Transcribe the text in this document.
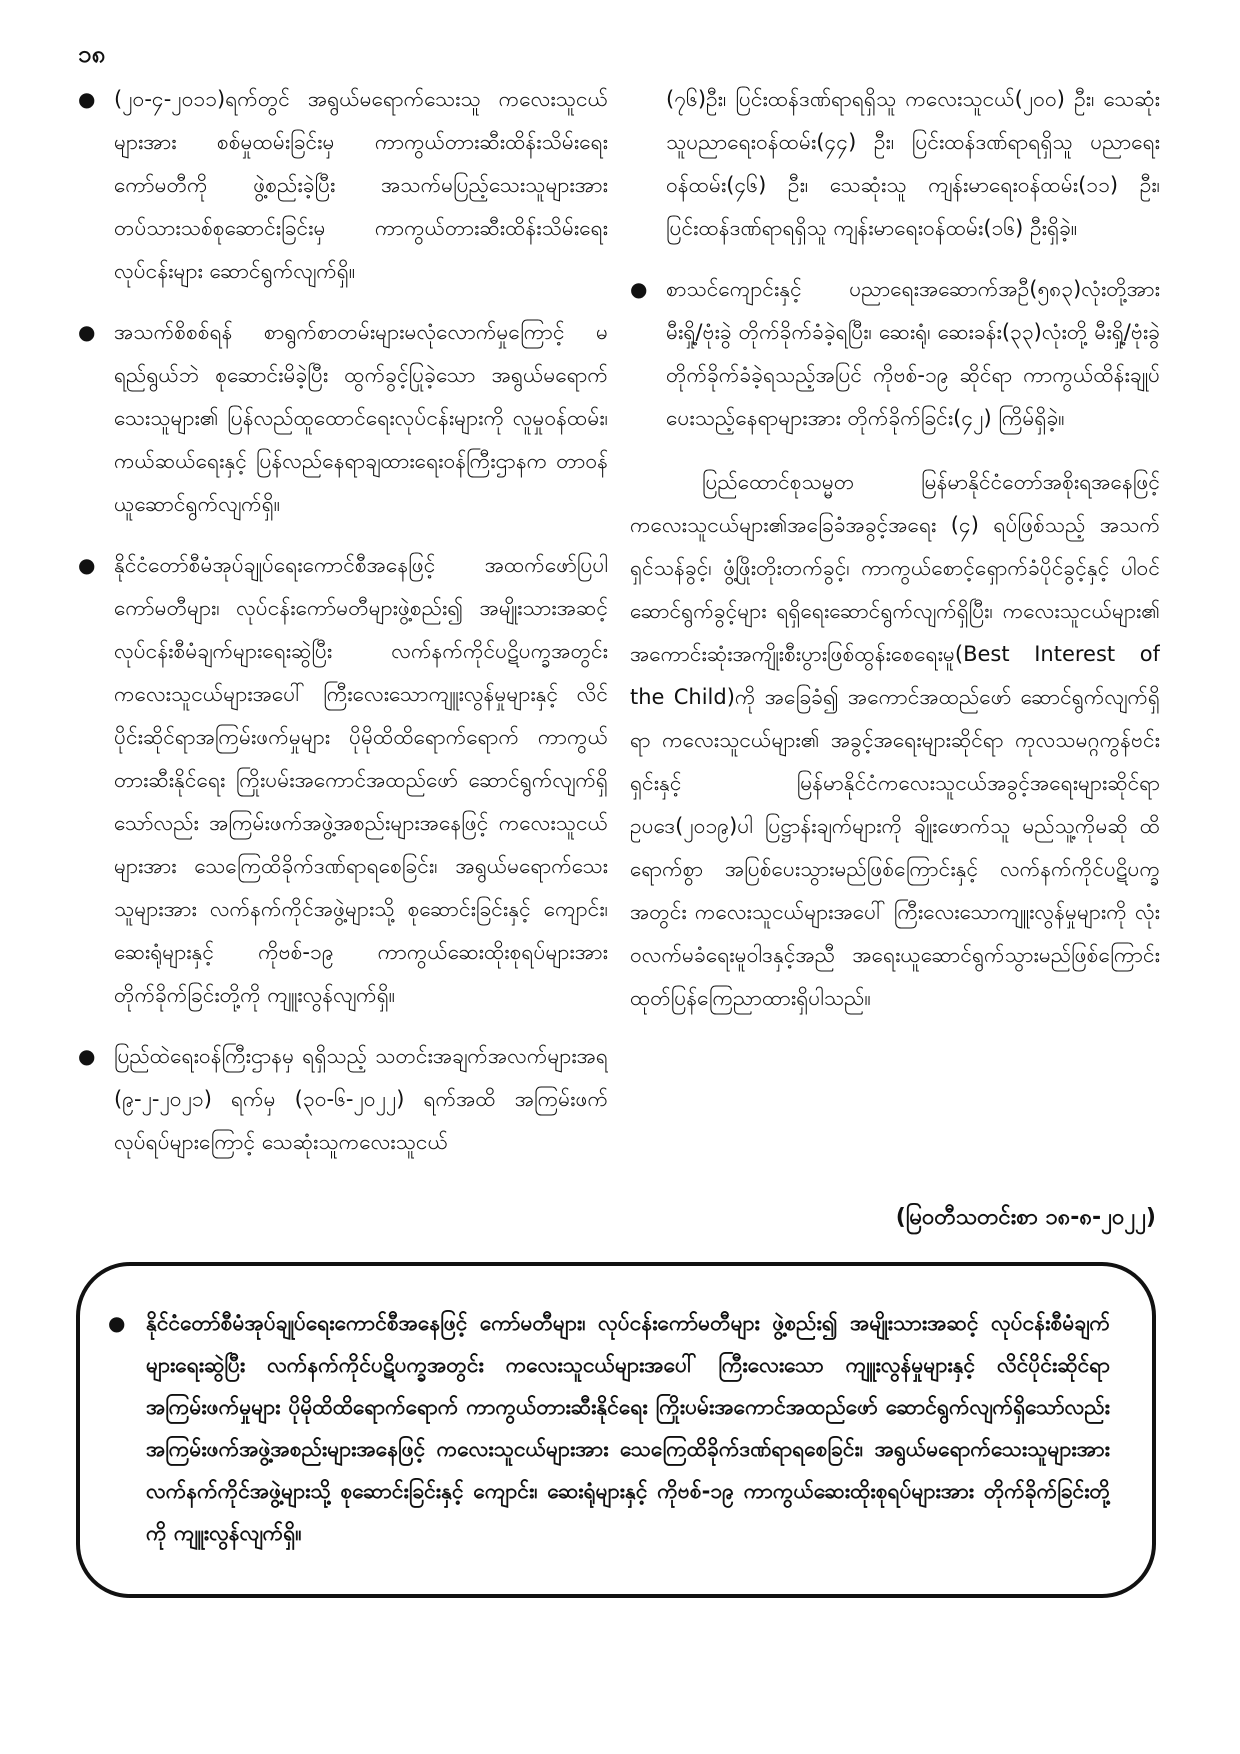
၁၈
● (၂၀-၄-၂၀၁၁)ရက်တွင် အရွယ်မရောက်သေးသူ ကလေးသူငယ်များအား စစ်မှုထမ်းခြင်းမှ ကာကွယ်တားဆီးထိန်းသိမ်းရေးကော်မတီကို ဖွဲ့စည်းခဲ့ပြီး အသက်မပြည့်သေးသူများအား တပ်သားသစ်စုဆောင်းခြင်းမှ ကာကွယ်တားဆီးထိန်းသိမ်းရေးလုပ်ငန်းများ ဆောင်ရွက်လျက်ရှိ။
● အသက်စိစစ်ရန် စာရွက်စာတမ်းများမလုံလောက်မှုကြောင့် မရည်ရွယ်ဘဲ စုဆောင်းမိခဲ့ပြီး ထွက်ခွင့်ပြုခဲ့သော အရွယ်မရောက်သေးသူများ၏ ပြန်လည်ထူထောင်ရေးလုပ်ငန်းများကို လူမှုဝန်ထမ်း၊ ကယ်ဆယ်ရေးနှင့် ပြန်လည်နေရာချထားရေးဝန်ကြီးဌာနက တာဝန်ယူဆောင်ရွက်လျက်ရှိ။
● နိုင်ငံတော်စီမံအုပ်ချုပ်ရေးကောင်စီအနေဖြင့် အထက်ဖော်ပြပါ ကော်မတီများ၊ လုပ်ငန်းကော်မတီများဖွဲ့စည်း၍ အမျိုးသားအဆင့်လုပ်ငန်းစီမံချက်များရေးဆွဲပြီး လက်နက်ကိုင်ပဋိပက္ခအတွင်း ကလေးသူငယ်များအပေါ် ကြီးလေးသောကျူးလွန်မှုများနှင့် လိင်ပိုင်းဆိုင်ရာအကြမ်းဖက်မှုများ ပိုမိုထိထိရောက်ရောက် ကာကွယ်တားဆီးနိုင်ရေး ကြိုးပမ်းအကောင်အထည်ဖော် ဆောင်ရွက်လျက်ရှိသော်လည်း အကြမ်းဖက်အဖွဲ့အစည်းများအနေဖြင့် ကလေးသူငယ်များအား သေကြေထိခိုက်ဒဏ်ရာရစေခြင်း၊ အရွယ်မရောက်သေးသူများအား လက်နက်ကိုင်အဖွဲ့များသို့ စုဆောင်းခြင်းနှင့် ကျောင်း၊ ဆေးရုံများနှင့် ကိုဗစ်-၁၉ ကာကွယ်ဆေးထိုးစုရပ်များအား တိုက်ခိုက်ခြင်းတို့ကို ကျူးလွန်လျက်ရှိ။
● ပြည်ထဲရေးဝန်ကြီးဌာနမှ ရရှိသည့် သတင်းအချက်အလက်များအရ (၉-၂-၂၀၂၁) ရက်မှ (၃၀-၆-၂၀၂၂) ရက်အထိ အကြမ်းဖက်လုပ်ရပ်များကြောင့် သေဆုံးသူကလေးသူငယ်
(၇၆)ဦး၊ ပြင်းထန်ဒဏ်ရာရရှိသူ ကလေးသူငယ်(၂၀၀) ဦး၊ သေဆုံးသူပညာရေးဝန်ထမ်း(၄၄) ဦး၊ ပြင်းထန်ဒဏ်ရာရရှိသူ ပညာရေးဝန်ထမ်း(၄၆) ဦး၊ သေဆုံးသူ ကျန်းမာရေးဝန်ထမ်း(၁၁) ဦး၊ ပြင်းထန်ဒဏ်ရာရရှိသူ ကျန်းမာရေးဝန်ထမ်း(၁၆) ဦးရှိခဲ့။
● စာသင်ကျောင်းနှင့် ပညာရေးအဆောက်အဦ(၅၈၃)လုံးတို့အား မီးရှို့/ဗုံးခွဲ တိုက်ခိုက်ခံခဲ့ရပြီး၊ ဆေးရုံ၊ ဆေးခန်း(၃၃)လုံးတို့ မီးရှို့/ဗုံးခွဲ တိုက်ခိုက်ခံခဲ့ရသည့်အပြင် ကိုဗစ်-၁၉ ဆိုင်ရာ ကာကွယ်ထိန်းချုပ်ပေးသည့်နေရာများအား တိုက်ခိုက်ခြင်း(၄၂) ကြိမ်ရှိခဲ့။

ပြည်ထောင်စုသမ္မတ မြန်မာနိုင်ငံတော်အစိုးရအနေဖြင့် ကလေးသူငယ်များ၏အခြေခံအခွင့်အရေး (၄) ရပ်ဖြစ်သည့် အသက်ရှင်သန်ခွင့်၊ ဖွံ့ဖြိုးတိုးတက်ခွင့်၊ ကာကွယ်စောင့်ရှောက်ခံပိုင်ခွင့်နှင့် ပါဝင်ဆောင်ရွက်ခွင့်များ ရရှိရေးဆောင်ရွက်လျက်ရှိပြီး၊ ကလေးသူငယ်များ၏ အကောင်းဆုံးအကျိုးစီးပွားဖြစ်ထွန်းစေရေးမူ(Best Interest of the Child)ကို အခြေခံ၍ အကောင်အထည်ဖော် ဆောင်ရွက်လျက်ရှိရာ ကလေးသူငယ်များ၏ အခွင့်အရေးများဆိုင်ရာ ကုလသမဂ္ဂကွန်ဗင်းရှင်းနှင့် မြန်မာနိုင်ငံကလေးသူငယ်အခွင့်အရေးများဆိုင်ရာ ဥပဒေ(၂၀၁၉)ပါ ပြဋ္ဌာန်းချက်များကို ချိုးဖောက်သူ မည်သူ့ကိုမဆို ထိရောက်စွာ အပြစ်ပေးသွားမည်ဖြစ်ကြောင်းနှင့် လက်နက်ကိုင်ပဋိပက္ခအတွင်း ကလေးသူငယ်များအပေါ် ကြီးလေးသောကျူးလွန်မှုများကို လုံးဝလက်မခံရေးမူဝါဒနှင့်အညီ အရေးယူဆောင်ရွက်သွားမည်ဖြစ်ကြောင်း ထုတ်ပြန်ကြေညာထားရှိပါသည်။

(မြဝတီသတင်းစာ ၁၈-၈-၂၀၂၂)
● နိုင်ငံတော်စီမံအုပ်ချုပ်ရေးကောင်စီအနေဖြင့် ကော်မတီများ၊ လုပ်ငန်းကော်မတီများ ဖွဲ့စည်း၍ အမျိုးသားအဆင့် လုပ်ငန်းစီမံချက်များရေးဆွဲပြီး လက်နက်ကိုင်ပဋိပက္ခအတွင်း ကလေးသူငယ်များအပေါ် ကြီးလေးသော ကျူးလွန်မှုများနှင့် လိင်ပိုင်းဆိုင်ရာအကြမ်းဖက်မှုများ ပိုမိုထိထိရောက်ရောက် ကာကွယ်တားဆီးနိုင်ရေး ကြိုးပမ်းအကောင်အထည်ဖော် ဆောင်ရွက်လျက်ရှိသော်လည်း အကြမ်းဖက်အဖွဲ့အစည်းများအနေဖြင့် ကလေးသူငယ်များအား သေကြေထိခိုက်ဒဏ်ရာရစေခြင်း၊ အရွယ်မရောက်သေးသူများအား လက်နက်ကိုင်အဖွဲ့များသို့ စုဆောင်းခြင်းနှင့် ကျောင်း၊ ဆေးရုံများနှင့် ကိုဗစ်-၁၉ ကာကွယ်ဆေးထိုးစုရပ်များအား တိုက်ခိုက်ခြင်းတို့ကို ကျူးလွန်လျက်ရှိ။
